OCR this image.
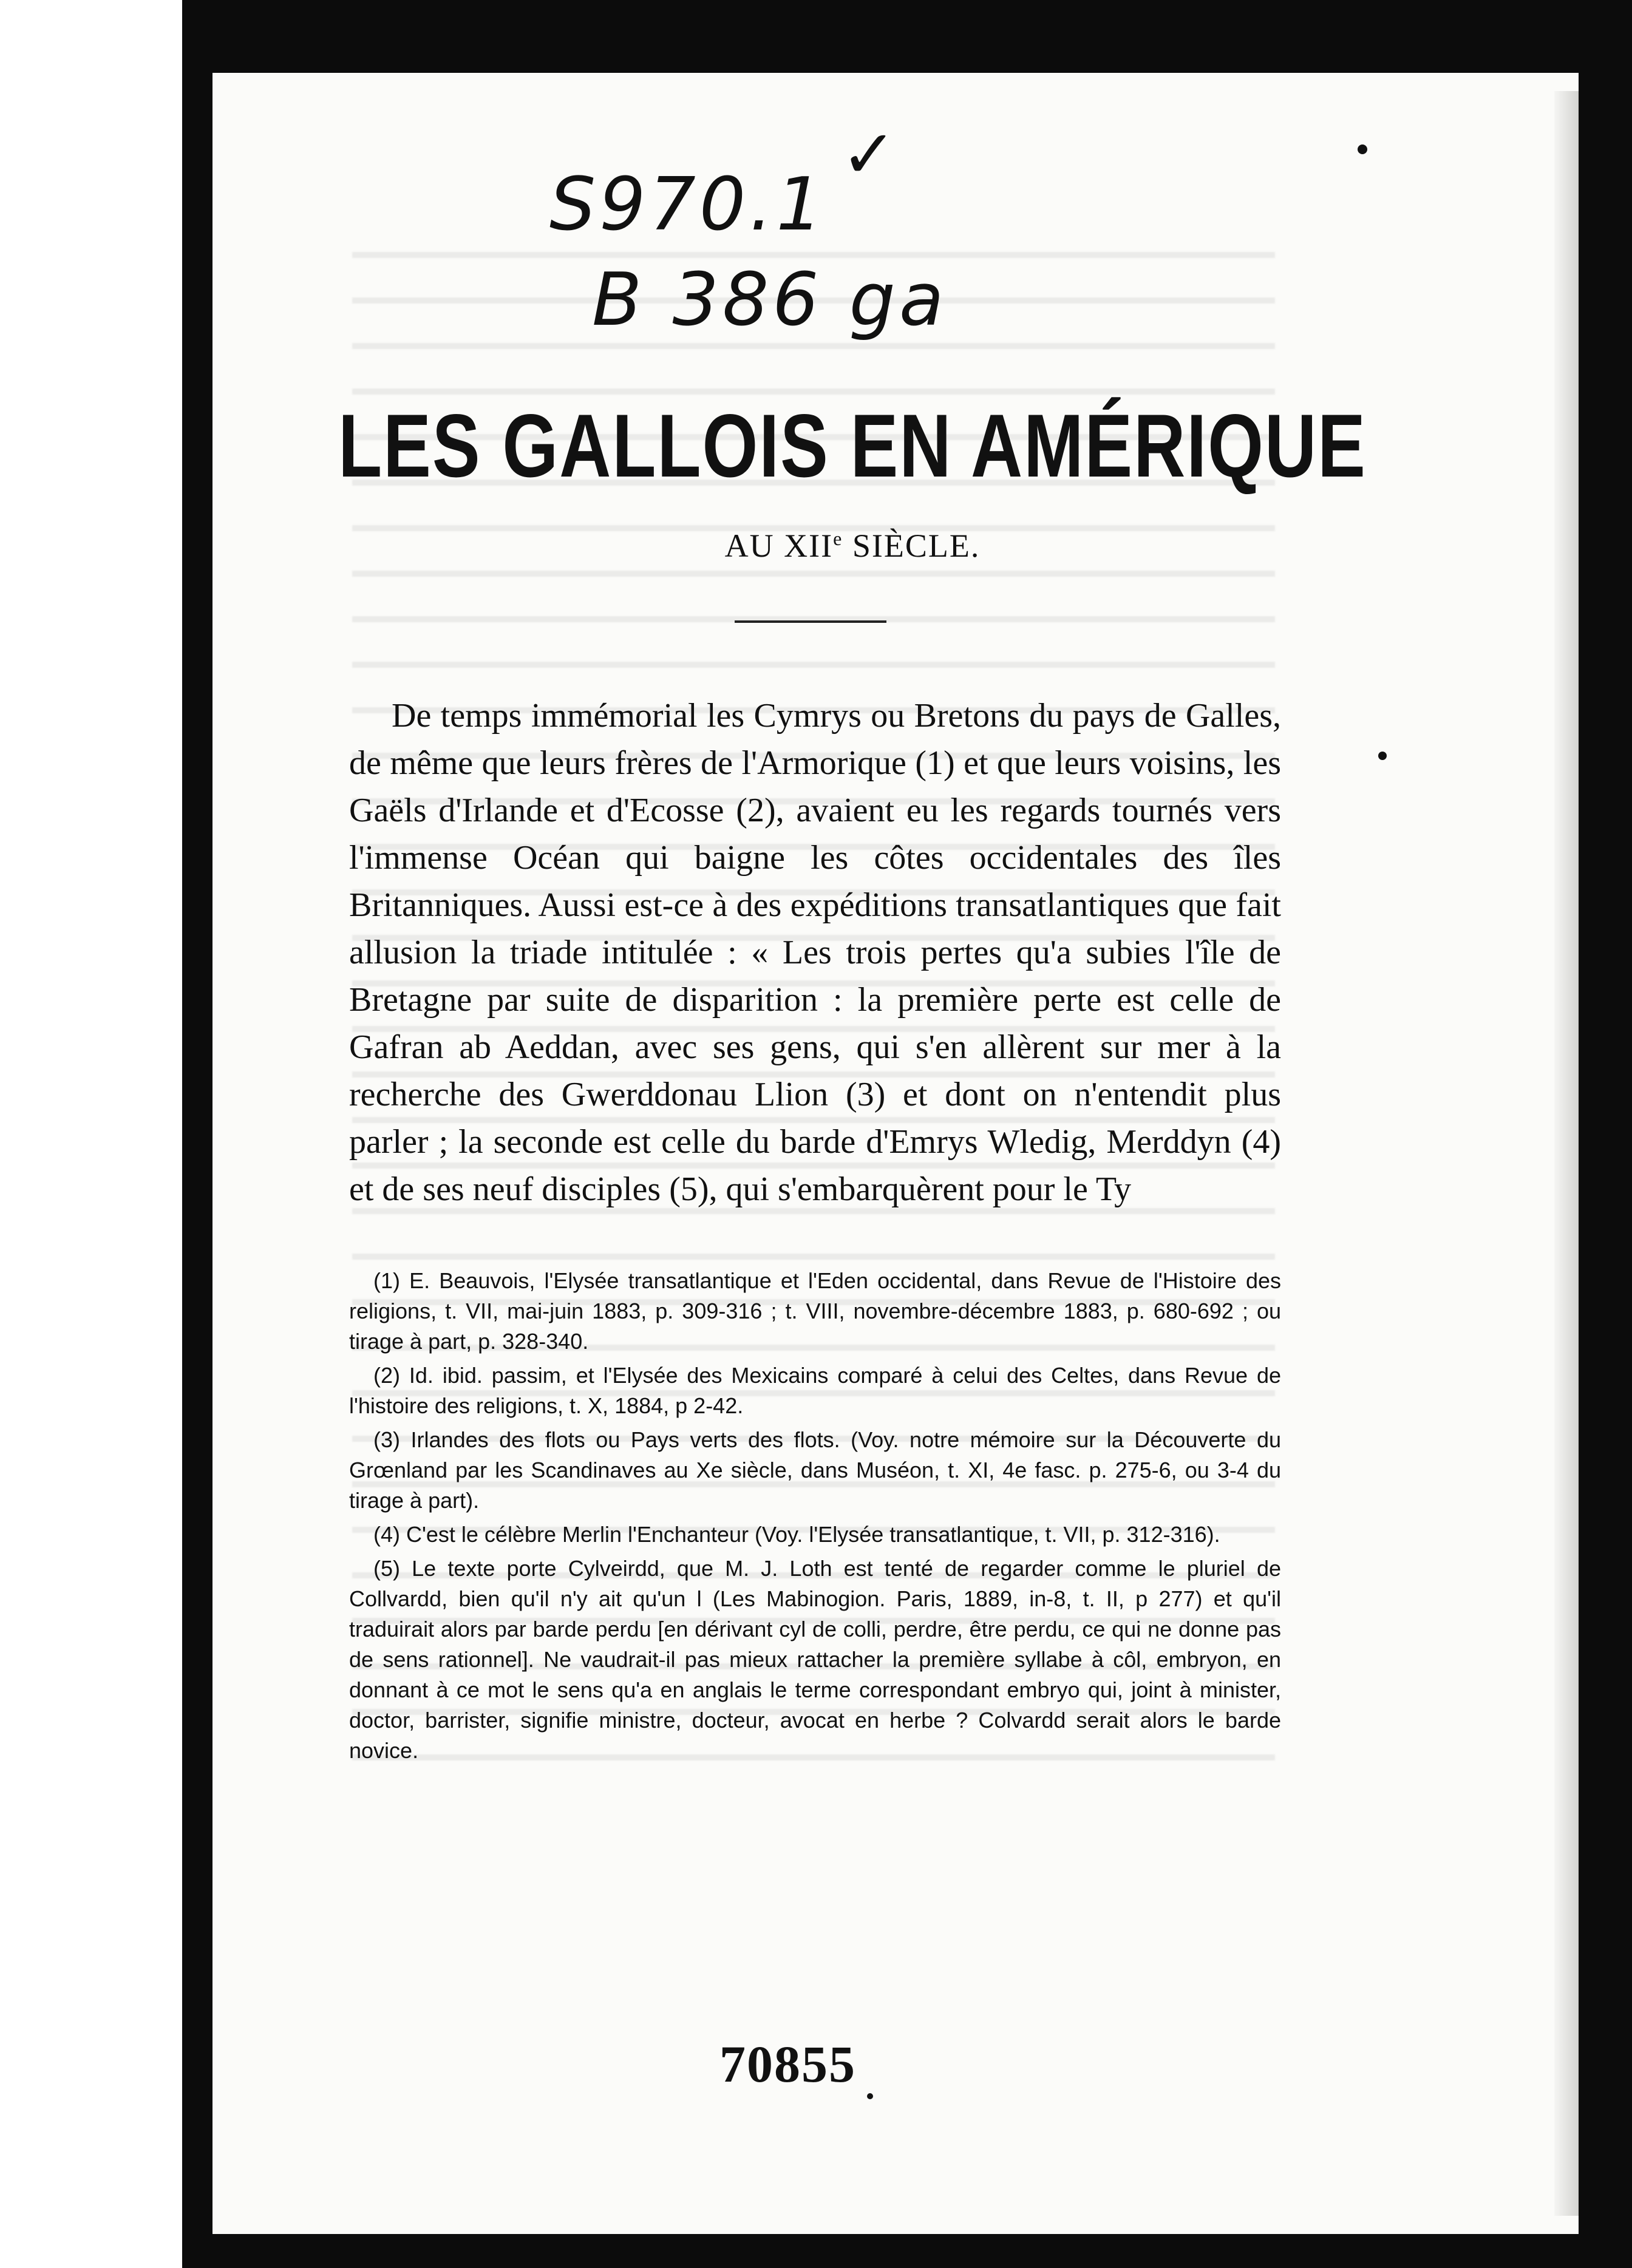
✓

S970.1

B 386 ga

LES GALLOIS EN AMÉRIQUE

AU XIIe SIÈCLE.

De temps immémorial les Cymrys ou Bretons du pays de Galles, de même que leurs frères de l'Armorique (1) et que leurs voisins, les Gaëls d'Irlande et d'Ecosse (2), avaient eu les regards tournés vers l'immense Océan qui baigne les côtes occidentales des îles Britanniques. Aussi est-ce à des expéditions transatlantiques que fait allusion la triade intitulée : « Les trois pertes qu'a subies l'île de Bretagne par suite de disparition : la première perte est celle de Gafran ab Aeddan, avec ses gens, qui s'en allèrent sur mer à la recherche des Gwerddonau Llion (3) et dont on n'entendit plus parler ; la seconde est celle du barde d'Emrys Wledig, Merddyn (4) et de ses neuf disciples (5), qui s'embarquèrent pour le Ty

(1) E. Beauvois, l'Elysée transatlantique et l'Eden occidental, dans Revue de l'Histoire des religions, t. VII, mai-juin 1883, p. 309-316 ; t. VIII, novembre-décembre 1883, p. 680-692 ; ou tirage à part, p. 328-340.

(2) Id. ibid. passim, et l'Elysée des Mexicains comparé à celui des Celtes, dans Revue de l'histoire des religions, t. X, 1884, p 2-42.

(3) Irlandes des flots ou Pays verts des flots. (Voy. notre mémoire sur la Découverte du Grœnland par les Scandinaves au Xe siècle, dans Muséon, t. XI, 4e fasc. p. 275-6, ou 3-4 du tirage à part).

(4) C'est le célèbre Merlin l'Enchanteur (Voy. l'Elysée transatlantique, t. VII, p. 312-316).

(5) Le texte porte Cylveirdd, que M. J. Loth est tenté de regarder comme le pluriel de Collvardd, bien qu'il n'y ait qu'un l (Les Mabinogion. Paris, 1889, in-8, t. II, p 277) et qu'il traduirait alors par barde perdu [en dérivant cyl de colli, perdre, être perdu, ce qui ne donne pas de sens rationnel]. Ne vaudrait-il pas mieux rattacher la première syllabe à côl, embryon, en donnant à ce mot le sens qu'a en anglais le terme correspondant embryo qui, joint à minister, doctor, barrister, signifie ministre, docteur, avocat en herbe ? Colvardd serait alors le barde novice.

70855
